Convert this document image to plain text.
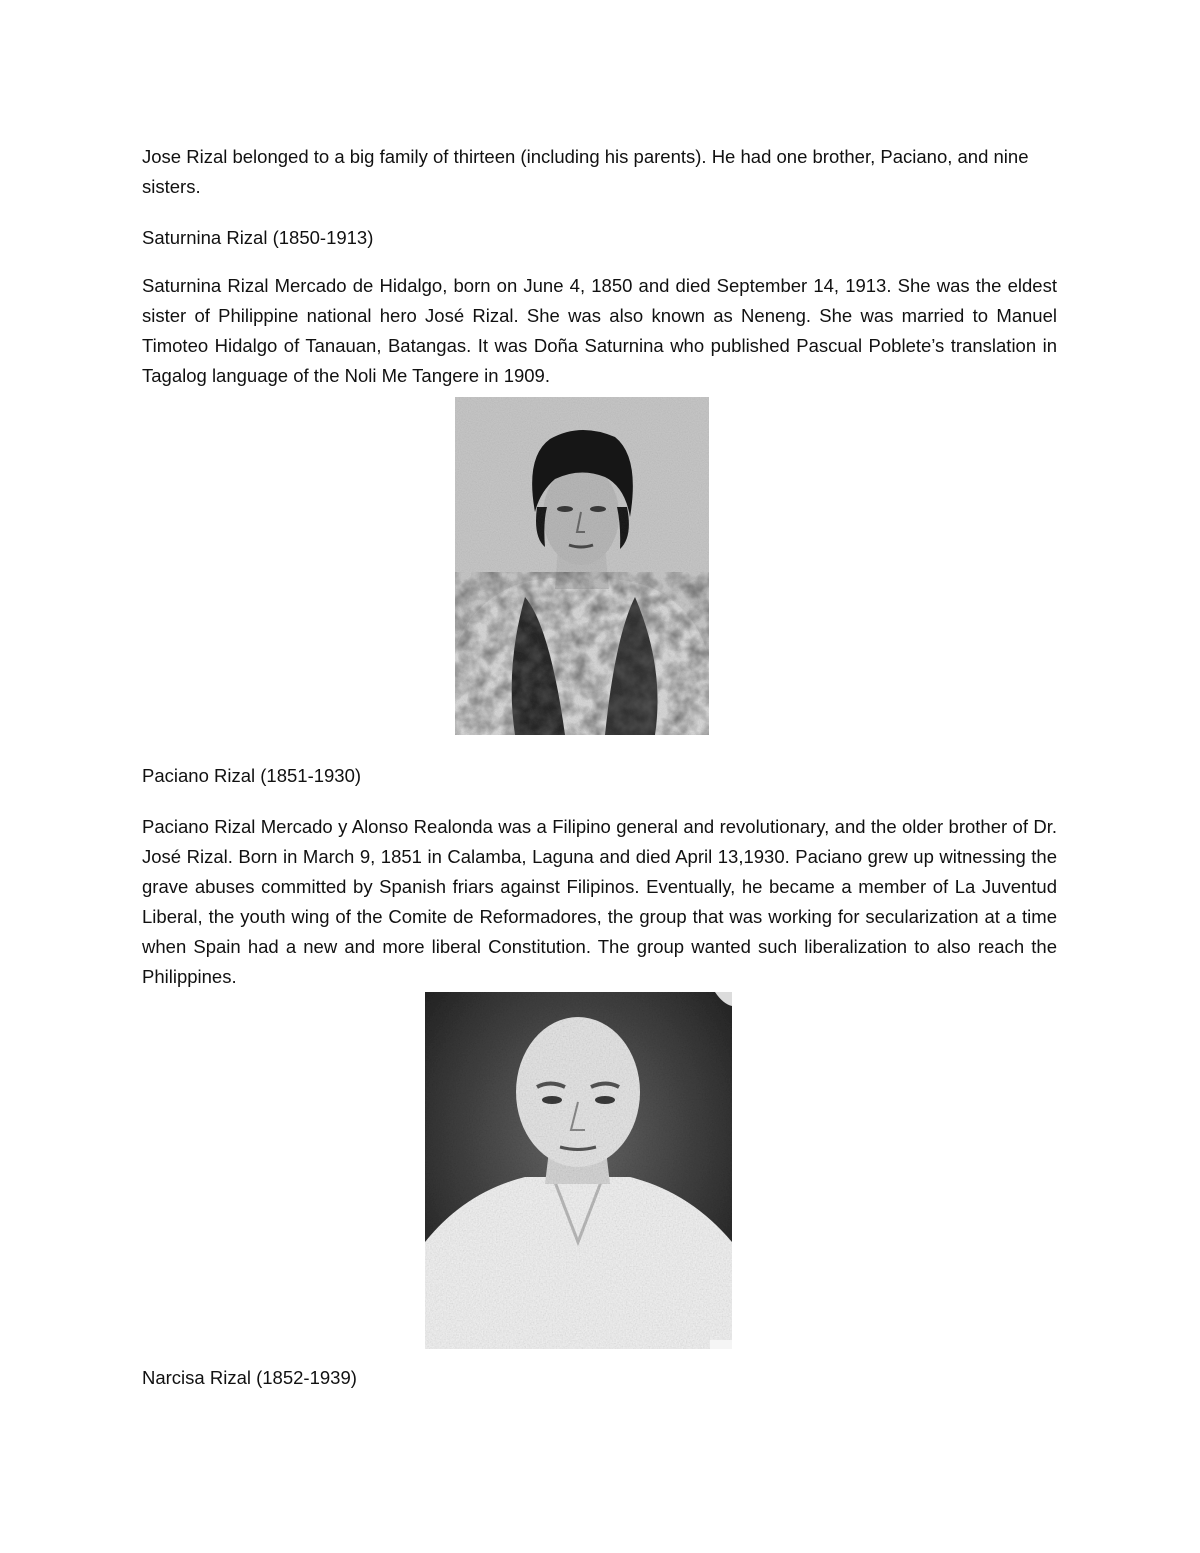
Jose Rizal belonged to a big family of thirteen (including his parents). He had one brother, Paciano, and nine sisters.

Saturnina Rizal (1850-1913)

Saturnina Rizal Mercado de Hidalgo, born on June 4, 1850 and died September 14, 1913. She was the eldest sister of Philippine national hero José Rizal. She was also known as Neneng. She was married to Manuel Timoteo Hidalgo of Tanauan, Batangas. It was Doña Saturnina who published Pascual Poblete’s translation in Tagalog language of the Noli Me Tangere in 1909.

Paciano Rizal (1851-1930)

Paciano Rizal Mercado y Alonso Realonda was a Filipino general and revolutionary, and the older brother of Dr. José Rizal. Born in March 9, 1851 in Calamba, Laguna and died April 13,1930. Paciano grew up witnessing the grave abuses committed by Spanish friars against Filipinos. Eventually, he became a member of La Juventud Liberal, the youth wing of the Comite de Reformadores, the group that was working for secularization at a time when Spain had a new and more liberal Constitution. The group wanted such liberalization to also reach the Philippines.

Narcisa Rizal (1852-1939)
